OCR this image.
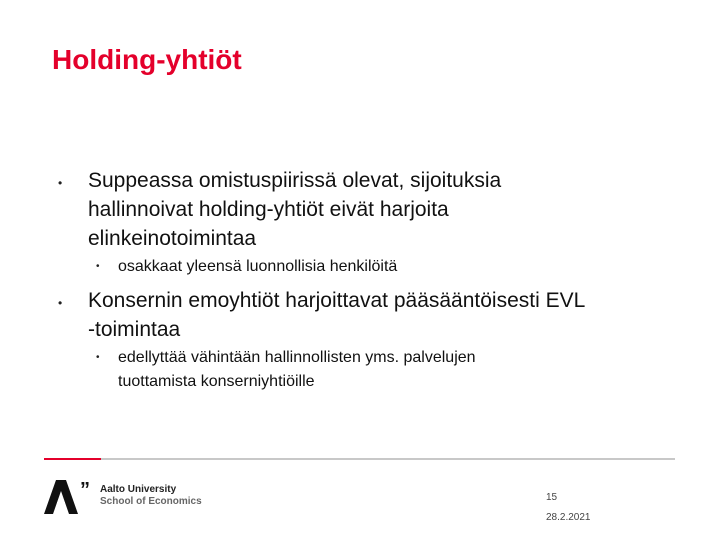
Holding-yhtiöt
• Suppeassa omistuspiirissä olevat, sijoituksia
hallinnoivat holding-yhtiöt eivät harjoita
elinkeinotoimintaa
• osakkaat yleensä luonnollisia henkilöitä
• Konsernin emoyhtiöt harjoittavat pääsääntöisesti EVL
-toimintaa
• edellyttää vähintään hallinnollisten yms. palvelujen
tuottamista konserniyhtiöille
” Aalto University
School of Economics	15
28.2.2021
